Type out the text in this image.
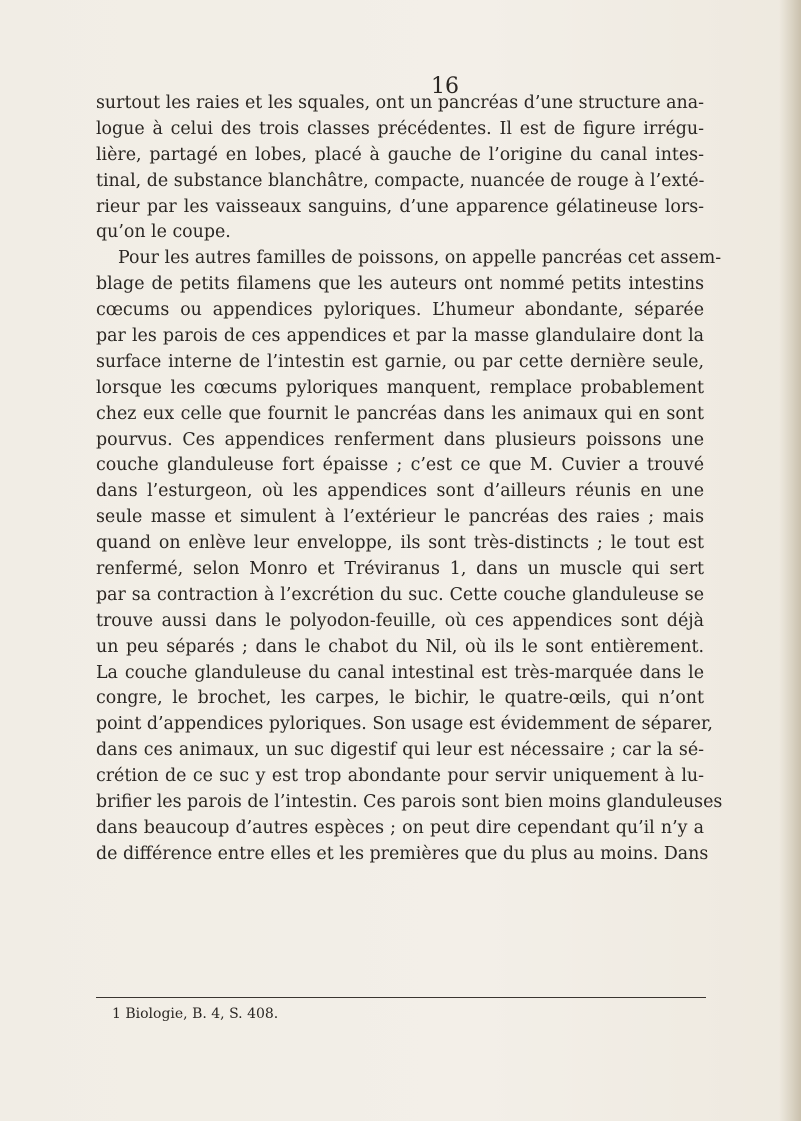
16
surtout les raies et les squales, ont un pancréas d’une structure ana-
logue à celui des trois classes précédentes. Il est de figure irrégu-
lière, partagé en lobes, placé à gauche de l’origine du canal intes-
tinal, de substance blanchâtre, compacte, nuancée de rouge à l’exté-
rieur par les vaisseaux sanguins, d’une apparence gélatineuse lors-
qu’on le coupe.
Pour les autres familles de poissons, on appelle pancréas cet assem-
blage de petits filamens que les auteurs ont nommé petits intestins
cœcums ou appendices pyloriques. L’humeur abondante, séparée
par les parois de ces appendices et par la masse glandulaire dont la
surface interne de l’intestin est garnie, ou par cette dernière seule,
lorsque les cœcums pyloriques manquent, remplace probablement
chez eux celle que fournit le pancréas dans les animaux qui en sont
pourvus. Ces appendices renferment dans plusieurs poissons une
couche glanduleuse fort épaisse ; c’est ce que M. Cuvier a trouvé
dans l’esturgeon, où les appendices sont d’ailleurs réunis en une
seule masse et simulent à l’extérieur le pancréas des raies ; mais
quand on enlève leur enveloppe, ils sont très-distincts ; le tout est
renfermé, selon Monro et Tréviranus 1, dans un muscle qui sert
par sa contraction à l’excrétion du suc. Cette couche glanduleuse se
trouve aussi dans le polyodon-feuille, où ces appendices sont déjà
un peu séparés ; dans le chabot du Nil, où ils le sont entièrement.
La couche glanduleuse du canal intestinal est très-marquée dans le
congre, le brochet, les carpes, le bichir, le quatre-œils, qui n’ont
point d’appendices pyloriques. Son usage est évidemment de séparer,
dans ces animaux, un suc digestif qui leur est nécessaire ; car la sé-
crétion de ce suc y est trop abondante pour servir uniquement à lu-
brifier les parois de l’intestin. Ces parois sont bien moins glanduleuses
dans beaucoup d’autres espèces ; on peut dire cependant qu’il n’y a
de différence entre elles et les premières que du plus au moins. Dans
1 Biologie, B. 4, S. 408.
